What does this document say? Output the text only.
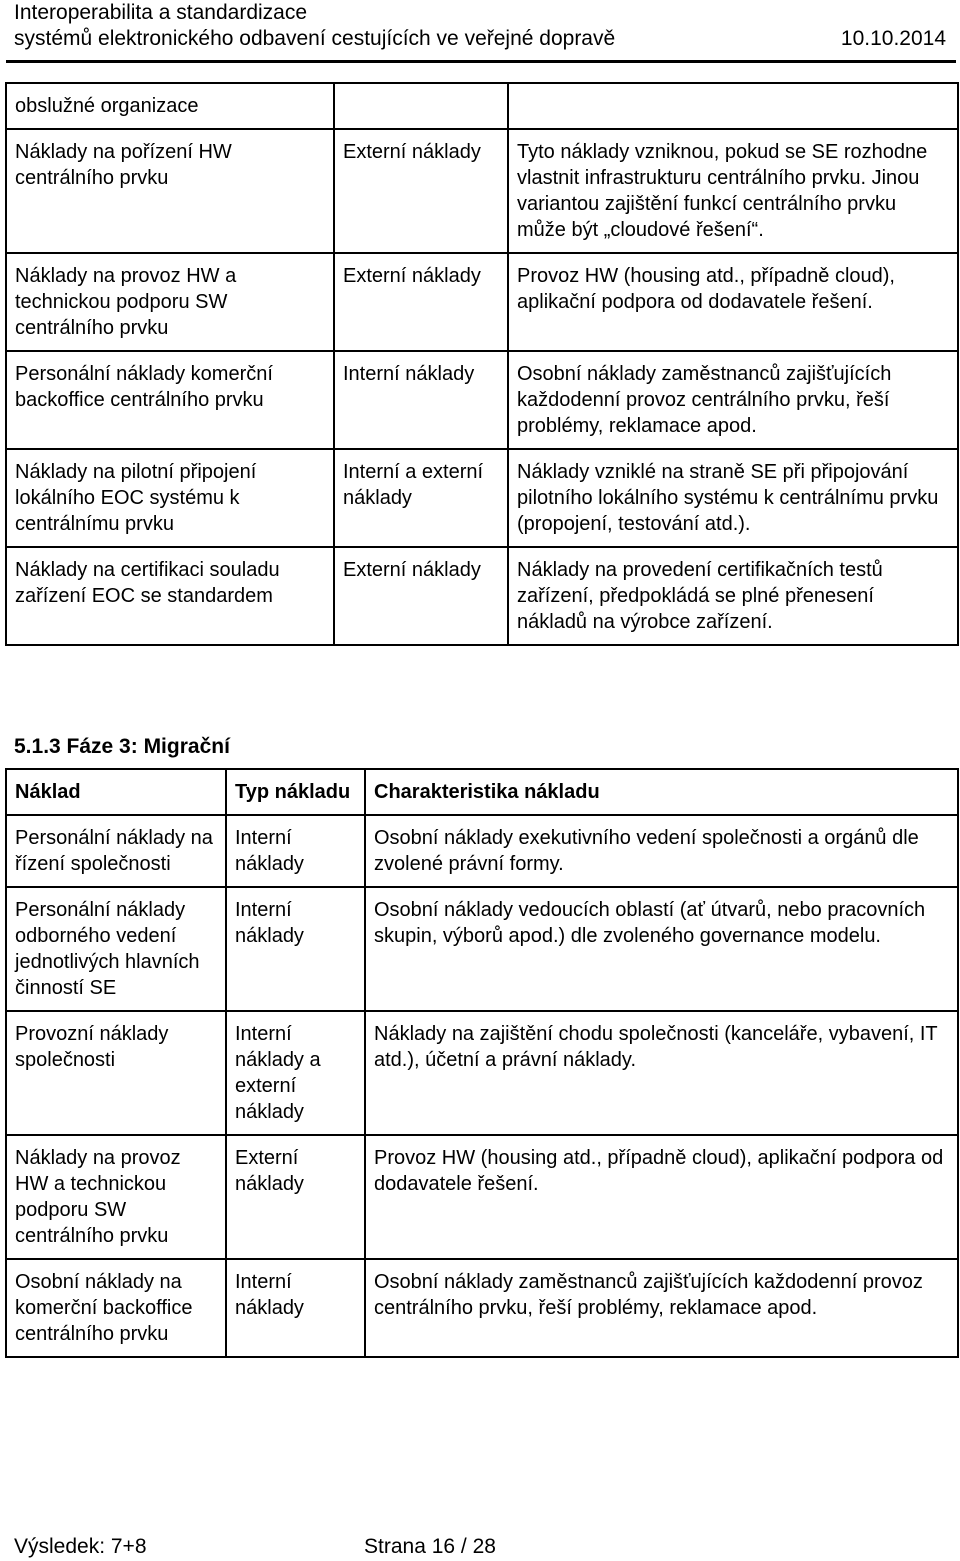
Interoperabilita a standardizace
systémů elektronického odbavení cestujících ve veřejné dopravě	10.10.2014
obslužné organizace		
Náklady na pořízení HW centrálního prvku	Externí náklady	Tyto náklady vzniknou, pokud se SE rozhodne vlastnit infrastrukturu centrálního prvku. Jinou variantou zajištění funkcí centrálního prvku může být „cloudové řešení“.
Náklady na provoz HW a technickou podporu SW centrálního prvku	Externí náklady	Provoz HW (housing atd., případně cloud), aplikační podpora od dodavatele řešení.
Personální náklady komerční backoffice centrálního prvku	Interní náklady	Osobní náklady zaměstnanců zajišťujících každodenní provoz centrálního prvku, řeší problémy, reklamace apod.
Náklady na pilotní připojení lokálního EOC systému k centrálnímu prvku	Interní a externí náklady	Náklady vzniklé na straně SE při připojování pilotního lokálního systému k centrálnímu prvku (propojení, testování atd.).
Náklady na certifikaci souladu zařízení EOC se standardem	Externí náklady	Náklady na provedení certifikačních testů zařízení, předpokládá se plné přenesení nákladů na výrobce zařízení.
5.1.3 Fáze 3: Migrační
Náklad	Typ nákladu	Charakteristika nákladu
Personální náklady na řízení společnosti	Interní náklady	Osobní náklady exekutivního vedení společnosti a orgánů dle zvolené právní formy.
Personální náklady odborného vedení jednotlivých hlavních činností SE	Interní náklady	Osobní náklady vedoucích oblastí (ať útvarů, nebo pracovních skupin, výborů apod.) dle zvoleného governance modelu.
Provozní náklady společnosti	Interní náklady a externí náklady	Náklady na zajištění chodu společnosti (kanceláře, vybavení, IT atd.), účetní a právní náklady.
Náklady na provoz HW a technickou podporu SW centrálního prvku	Externí náklady	Provoz HW (housing atd., případně cloud), aplikační podpora od dodavatele řešení.
Osobní náklady na komerční backoffice centrálního prvku	Interní náklady	Osobní náklady zaměstnanců zajišťujících každodenní provoz centrálního prvku, řeší problémy, reklamace apod.
Výsledek: 7+8	Strana 16 / 28
